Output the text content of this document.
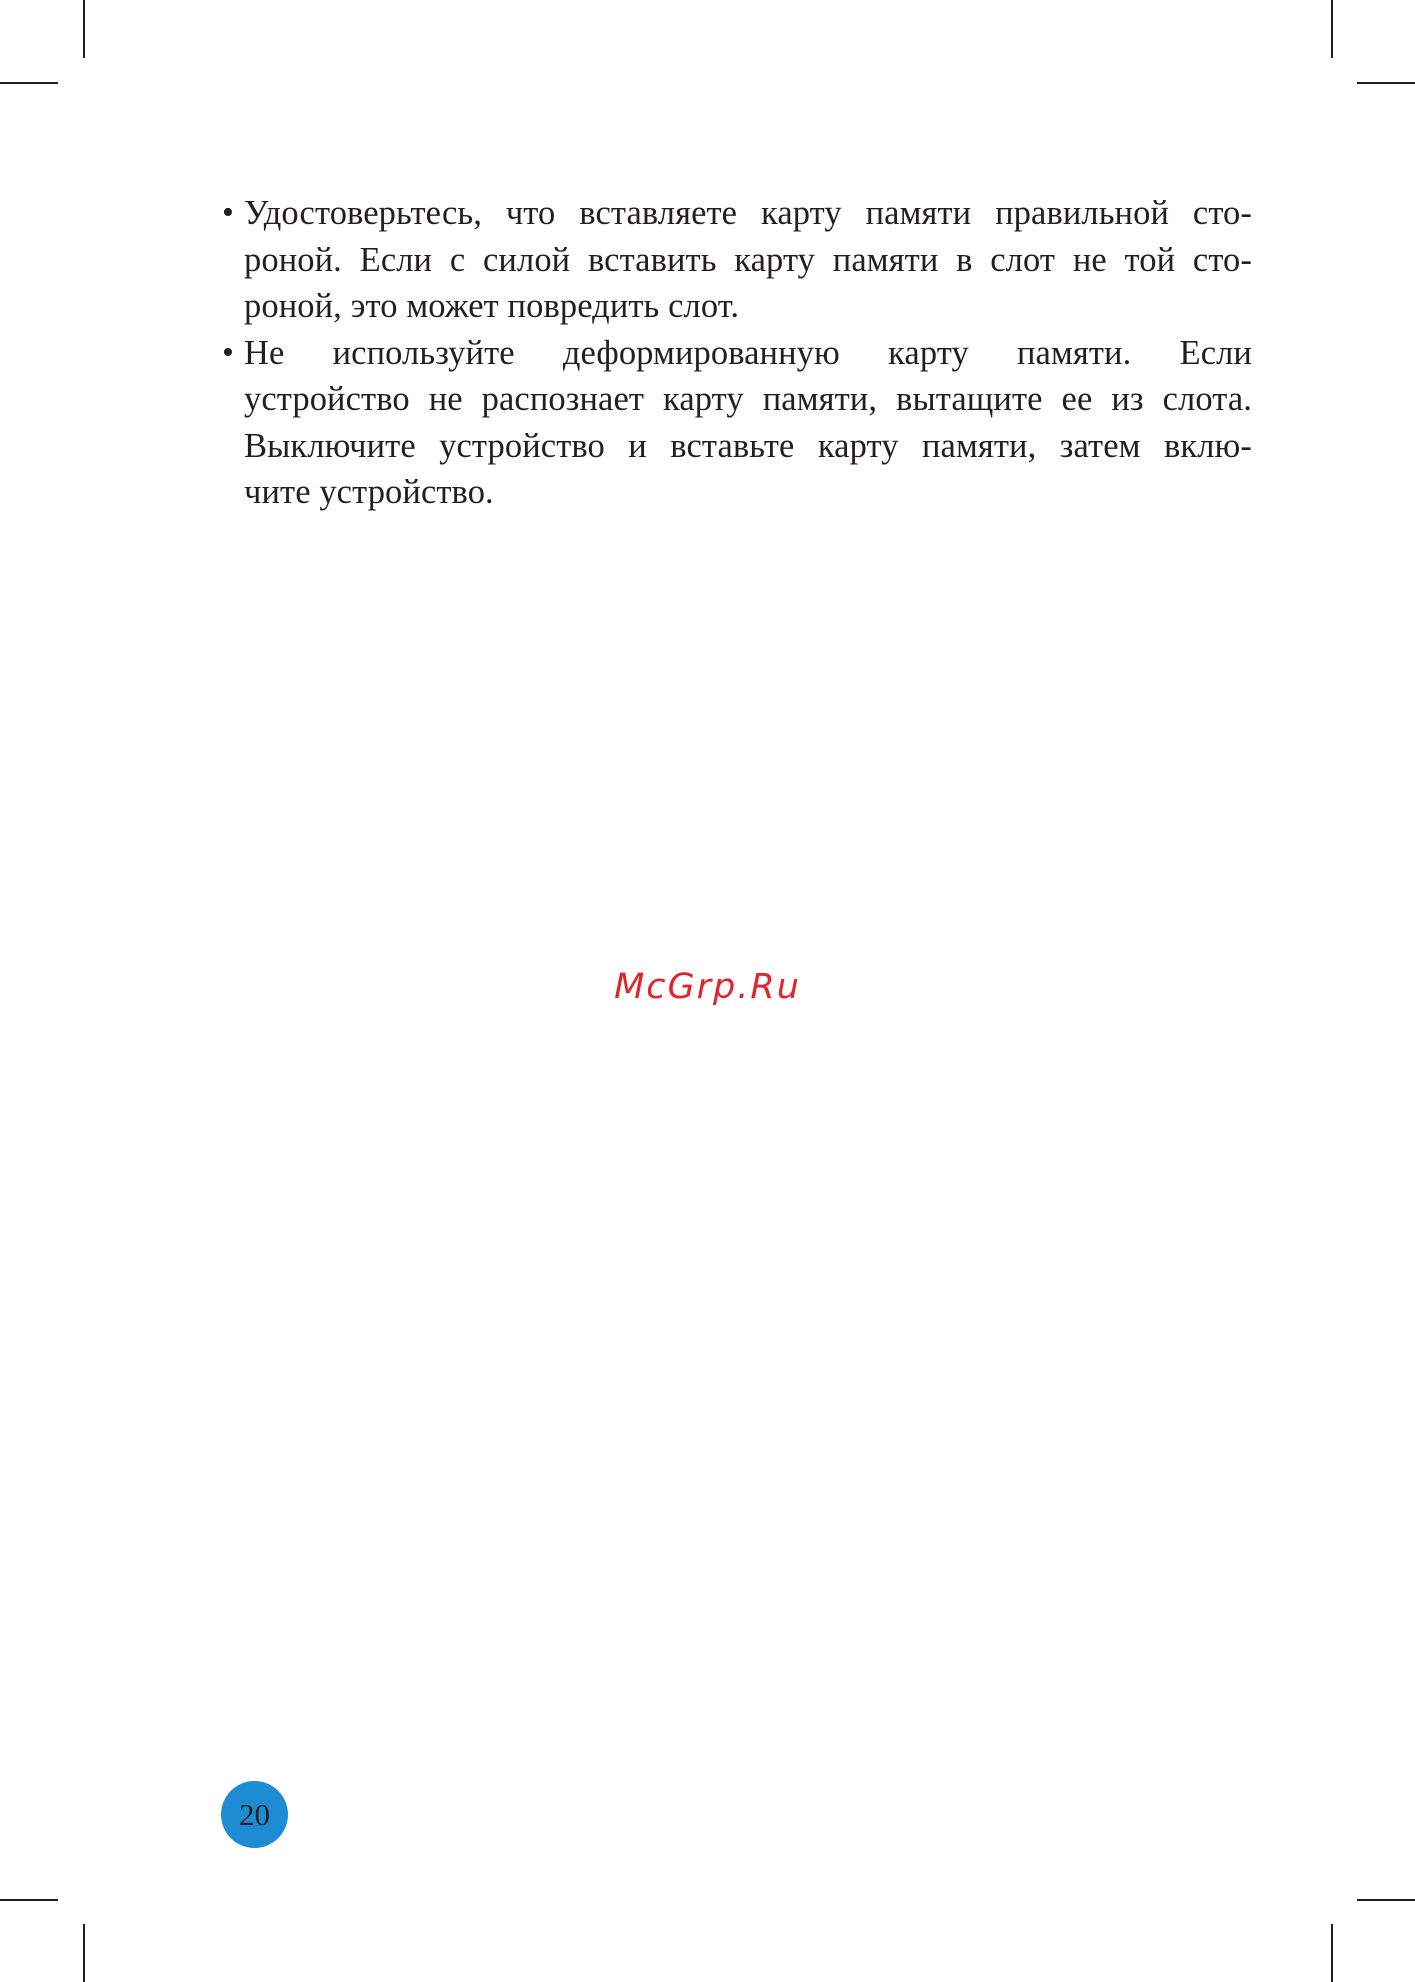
• Удостоверьтесь, что вставляете карту памяти правильной сто-
роной. Если с силой вставить карту памяти в слот не той сто-
роной, это может повредить слот.
• Не используйте деформированную карту памяти. Если
устройство не распознает карту памяти, вытащите ее из слота.
Выключите устройство и вставьте карту памяти, затем вклю-
чите устройство.
McGrp.Ru
20
